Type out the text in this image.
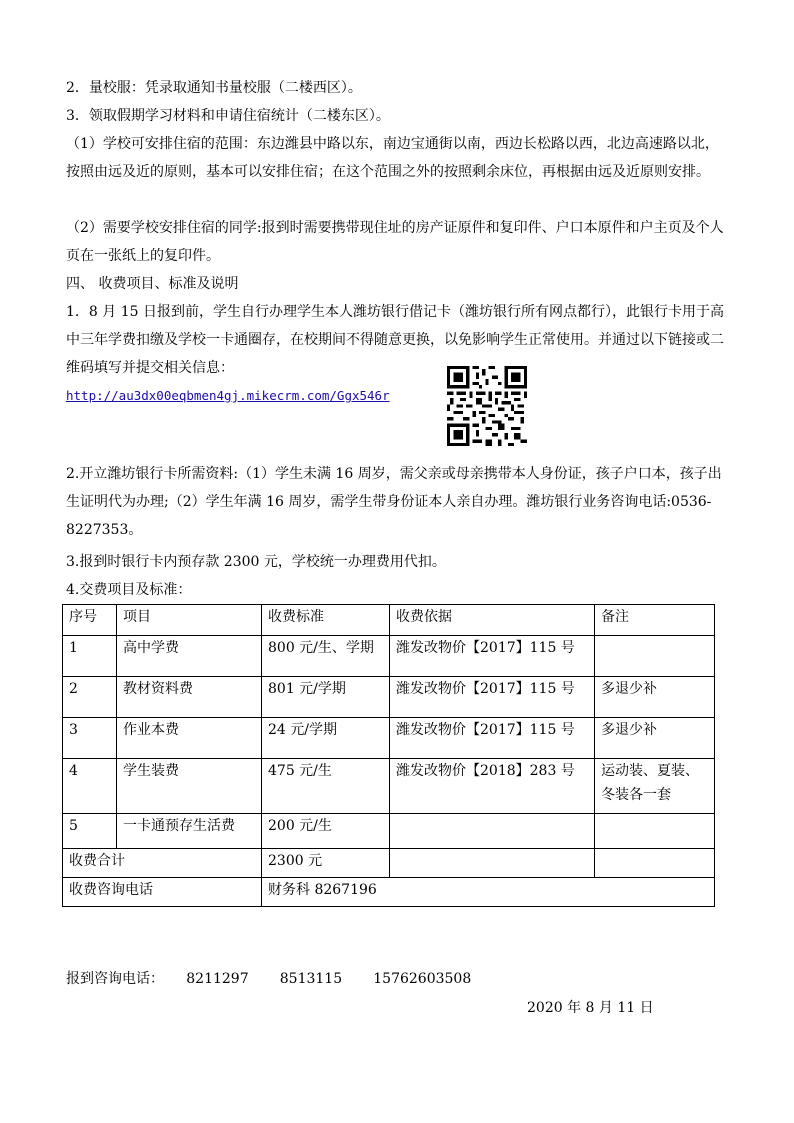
2．量校服：凭录取通知书量校服（二楼西区）。
3．领取假期学习材料和申请住宿统计（二楼东区）。
（1）学校可安排住宿的范围：东边潍县中路以东，南边宝通街以南，西边长松路以西，北边高速路以北，按照由远及近的原则，基本可以安排住宿；在这个范围之外的按照剩余床位，再根据由远及近原则安排。
（2）需要学校安排住宿的同学:报到时需要携带现住址的房产证原件和复印件、户口本原件和户主页及个人页在一张纸上的复印件。
四、 收费项目、标准及说明
1．8 月 15 日报到前，学生自行办理学生本人潍坊银行借记卡（潍坊银行所有网点都行），此银行卡用于高中三年学费扣缴及学校一卡通圈存，在校期间不得随意更换，以免影响学生正常使用。并通过以下链接或二维码填写并提交相关信息：
http://au3dx00eqbmen4gj.mikecrm.com/Ggx546r
2.开立潍坊银行卡所需资料:（1）学生未满 16 周岁，需父亲或母亲携带本人身份证，孩子户口本，孩子出生证明代为办理;（2）学生年满 16 周岁，需学生带身份证本人亲自办理。潍坊银行业务咨询电话:0536-8227353。
3.报到时银行卡内预存款 2300 元，学校统一办理费用代扣。
4.交费项目及标准：
序号	项目	收费标准	收费依据	备注
1	高中学费	800 元/生、学期	潍发改物价【2017】115 号	
2	教材资料费	801 元/学期	潍发改物价【2017】115 号	多退少补
3	作业本费	24 元/学期	潍发改物价【2017】115 号	多退少补
4	学生装费	475 元/生	潍发改物价【2018】283 号	运动装、夏装、冬装各一套
5	一卡通预存生活费	200 元/生		
收费合计		2300 元		
收费咨询电话		财务科 8267196		
报到咨询电话：     8211297       8513115       15762603508
2020 年 8 月 11 日
